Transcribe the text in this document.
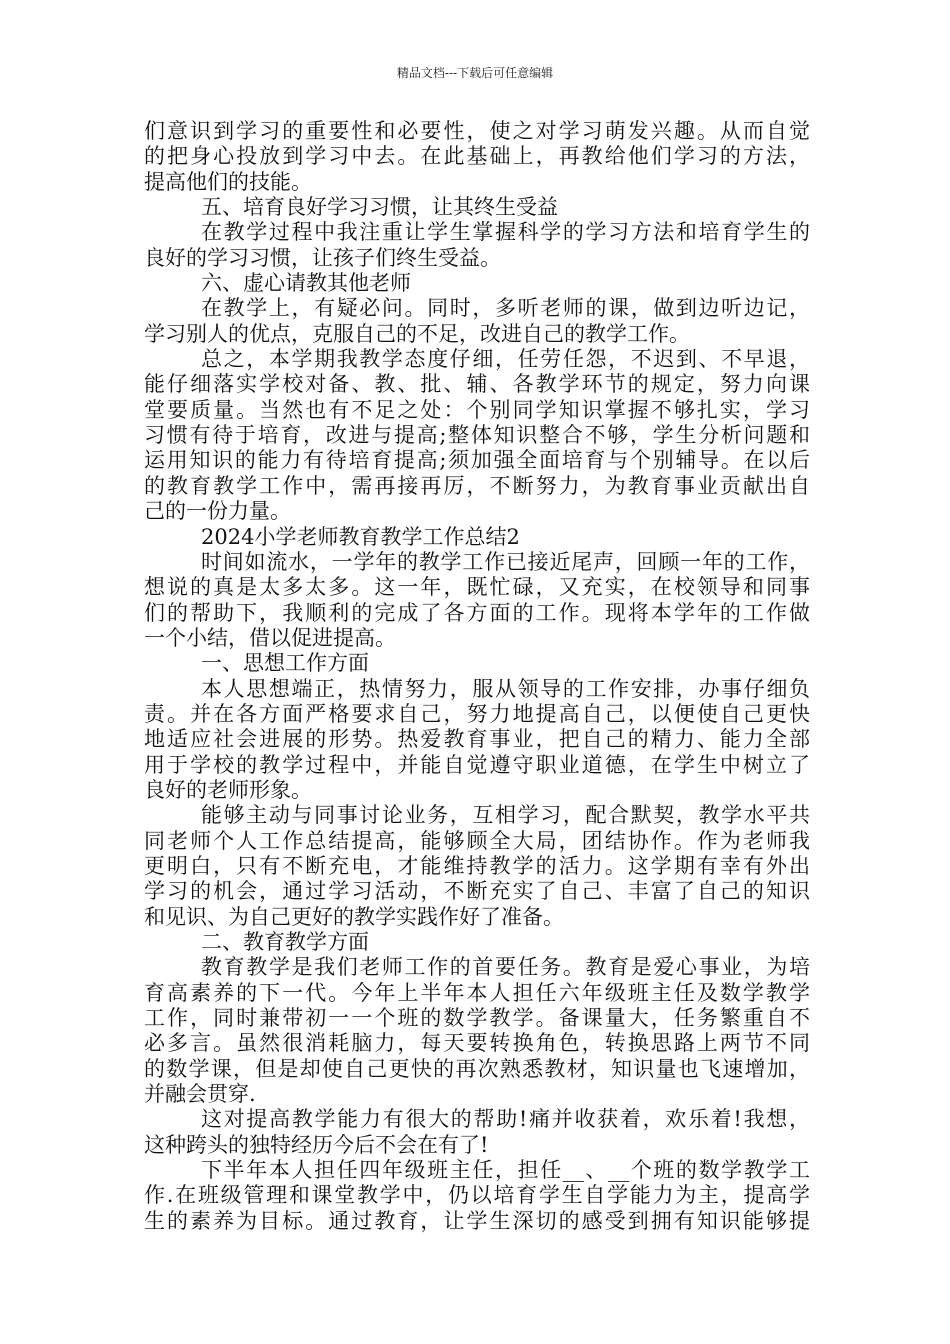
精品文档---下载后可任意编辑
们意识到学习的重要性和必要性，使之对学习萌发兴趣。从而自觉
的把身心投放到学习中去。在此基础上，再教给他们学习的方法，
提高他们的技能。
五、培育良好学习习惯，让其终生受益
在教学过程中我注重让学生掌握科学的学习方法和培育学生的
良好的学习习惯，让孩子们终生受益。
六、虚心请教其他老师
在教学上，有疑必问。同时，多听老师的课，做到边听边记，
学习别人的优点，克服自己的不足，改进自己的教学工作。
总之，本学期我教学态度仔细，任劳任怨，不迟到、不早退，
能仔细落实学校对备、教、批、辅、各教学环节的规定，努力向课
堂要质量。当然也有不足之处：个别同学知识掌握不够扎实，学习
习惯有待于培育，改进与提高;整体知识整合不够，学生分析问题和
运用知识的能力有待培育提高;须加强全面培育与个别辅导。在以后
的教育教学工作中，需再接再厉，不断努力，为教育事业贡献出自
己的一份力量。
2024小学老师教育教学工作总结2
时间如流水，一学年的教学工作已接近尾声，回顾一年的工作，
想说的真是太多太多。这一年，既忙碌，又充实，在校领导和同事
们的帮助下，我顺利的完成了各方面的工作。现将本学年的工作做
一个小结，借以促进提高。
一、思想工作方面
本人思想端正，热情努力，服从领导的工作安排，办事仔细负
责。并在各方面严格要求自己，努力地提高自己，以便使自己更快
地适应社会进展的形势。热爱教育事业，把自己的精力、能力全部
用于学校的教学过程中，并能自觉遵守职业道德，在学生中树立了
良好的老师形象。
能够主动与同事讨论业务，互相学习，配合默契，教学水平共
同老师个人工作总结提高，能够顾全大局，团结协作。作为老师我
更明白，只有不断充电，才能维持教学的活力。这学期有幸有外出
学习的机会，通过学习活动，不断充实了自己、丰富了自己的知识
和见识、为自己更好的教学实践作好了准备。
二、教育教学方面
教育教学是我们老师工作的首要任务。教育是爱心事业，为培
育高素养的下一代。今年上半年本人担任六年级班主任及数学教学
工作，同时兼带初一一个班的数学教学。备课量大，任务繁重自不
必多言。虽然很消耗脑力，每天要转换角色，转换思路上两节不同
的数学课，但是却使自己更快的再次熟悉教材，知识量也飞速增加，
并融会贯穿.
这对提高教学能力有很大的帮助!痛并收获着，欢乐着!我想，
这种跨头的独特经历今后不会在有了!
下半年本人担任四年级班主任，担任__、__个班的数学教学工
作.在班级管理和课堂教学中，仍以培育学生自学能力为主，提高学
生的素养为目标。通过教育，让学生深切的感受到拥有知识能够提
